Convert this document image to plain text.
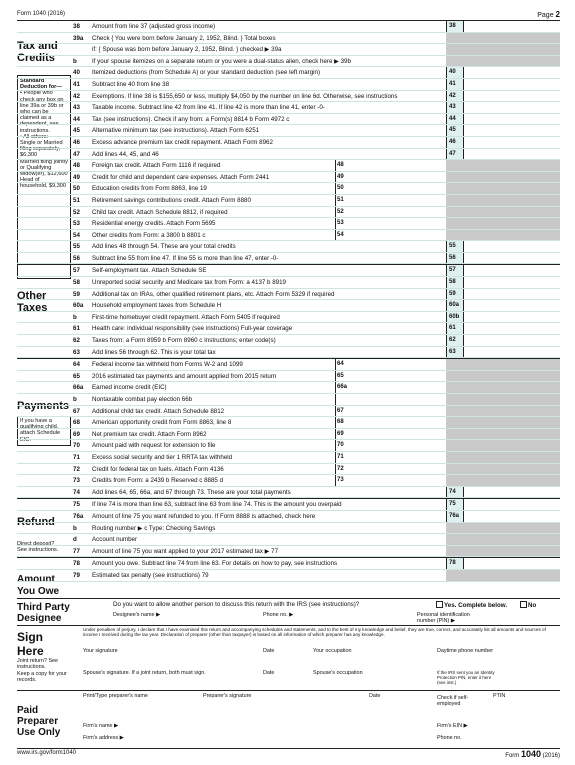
Form 1040 (2016)	Page 2
Tax and Credits
Standard Deduction for—
• People who check any box on line 39a or 39b or who can be claimed as a dependent, see instructions.
• All others:
Single or Married filing separately, $6,300
Married filing jointly or Qualifying widow(er), $12,600
Head of household, $9,300
Other Taxes
Payments
If you have a qualifying child, attach Schedule EIC.
Refund
Direct deposit? See instructions.
Amount You Owe
38	Amount from line 37 (adjusted gross income)	38
39a	Check { You were born before January 2, 1952, Blind. } Total boxes
if: { Spouse was born before January 2, 1952, Blind. } checked ▶ 39a
b	If your spouse itemizes on a separate return or you were a dual-status alien, check here ▶ 39b
40	Itemized deductions (from Schedule A) or your standard deduction (see left margin)	40
41	Subtract line 40 from line 38	41
42	Exemptions. If line 38 is $155,650 or less, multiply $4,050 by the number on line 6d. Otherwise, see instructions	42
43	Taxable income. Subtract line 42 from line 41. If line 42 is more than line 41, enter -0-	43
44	Tax (see instructions). Check if any from: a Form(s) 8814 b Form 4972 c	44
45	Alternative minimum tax (see instructions). Attach Form 6251	45
46	Excess advance premium tax credit repayment. Attach Form 8962	46
47	Add lines 44, 45, and 46	47
48	Foreign tax credit. Attach Form 1116 if required	48
49	Credit for child and dependent care expenses. Attach Form 2441	49
50	Education credits from Form 8863, line 19	50
51	Retirement savings contributions credit. Attach Form 8880	51
52	Child tax credit. Attach Schedule 8812, if required	52
53	Residential energy credits. Attach Form 5695	53
54	Other credits from Form: a 3800 b 8801 c	54
55	Add lines 48 through 54. These are your total credits	55
56	Subtract line 55 from line 47. If line 55 is more than line 47, enter -0-	56
57	Self-employment tax. Attach Schedule SE	57
58	Unreported social security and Medicare tax from Form: a 4137 b 8919	58
59	Additional tax on IRAs, other qualified retirement plans, etc. Attach Form 5329 if required	59
60a	Household employment taxes from Schedule H	60a
b	First-time homebuyer credit repayment. Attach Form 5405 if required	60b
61	Health care: individual responsibility (see instructions) Full-year coverage	61
62	Taxes from: a Form 8959 b Form 8960 c Instructions; enter code(s)	62
63	Add lines 56 through 62. This is your total tax	63
64	Federal income tax withheld from Forms W-2 and 1099	64
65	2016 estimated tax payments and amount applied from 2015 return	65
66a	Earned income credit (EIC)	66a
b	Nontaxable combat pay election 66b
67	Additional child tax credit. Attach Schedule 8812	67
68	American opportunity credit from Form 8863, line 8	68
69	Net premium tax credit. Attach Form 8962	69
70	Amount paid with request for extension to file	70
71	Excess social security and tier 1 RRTA tax withheld	71
72	Credit for federal tax on fuels. Attach Form 4136	72
73	Credits from Form: a 2439 b Reserved c 8885 d	73
74	Add lines 64, 65, 66a, and 67 through 73. These are your total payments	74
75	If line 74 is more than line 63, subtract line 63 from line 74. This is the amount you overpaid	75
76a	Amount of line 75 you want refunded to you. If Form 8888 is attached, check here	76a
b	Routing number ▶ c Type: Checking Savings
d	Account number
77	Amount of line 75 you want applied to your 2017 estimated tax ▶ 77
78	Amount you owe. Subtract line 74 from line 63. For details on how to pay, see instructions	78
79	Estimated tax penalty (see instructions) 79
Third Party Designee
Do you want to allow another person to discuss this return with the IRS (see instructions)?	Yes. Complete below.	No
Designee's name ▶	Phone no. ▶	Personal identification number (PIN) ▶
Sign Here
Joint return? See instructions.
Keep a copy for your records.
Under penalties of perjury, I declare that I have examined this return and accompanying schedules and statements, and to the best of my knowledge and belief, they are true, correct, and accurately list all amounts and sources of income I received during the tax year. Declaration of preparer (other than taxpayer) is based on all information of which preparer has any knowledge.
Your signature	Date	Your occupation	Daytime phone number
Spouse's signature. If a joint return, both must sign.	Date	Spouse's occupation	If the IRS sent you an Identity Protection PIN, enter it here (see inst.)
Paid Preparer Use Only
Print/Type preparer's name	Preparer's signature	Date	Check if self-employed
PTIN
Firm's name ▶	Firm's EIN ▶
Firm's address ▶	Phone no.
www.irs.gov/form1040	Form 1040 (2016)
